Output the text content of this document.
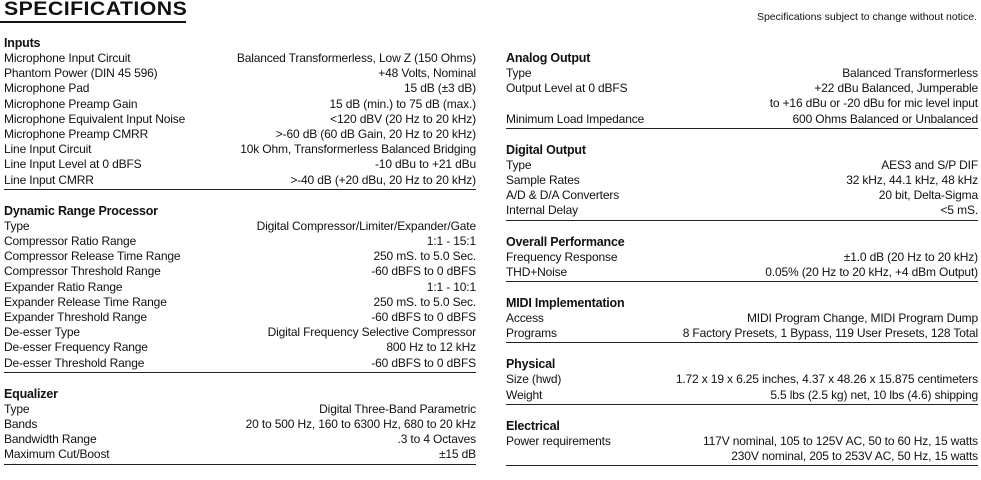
SPECIFICATIONS	Specifications subject to change without notice.
Inputs
Microphone Input Circuit	Balanced Transformerless, Low Z (150 Ohms)
Phantom Power (DIN 45 596)	+48 Volts, Nominal
Microphone Pad	15 dB (±3 dB)
Microphone Preamp Gain	15 dB (min.) to 75 dB (max.)
Microphone Equivalent Input Noise	<120 dBV (20 Hz to 20 kHz)
Microphone Preamp CMRR	>-60 dB (60 dB Gain, 20 Hz to 20 kHz)
Line Input Circuit	10k Ohm, Transformerless Balanced Bridging
Line Input Level at 0 dBFS	-10 dBu to +21 dBu
Line Input CMRR	>-40 dB (+20 dBu, 20 Hz to 20 kHz)
Dynamic Range Processor
Type	Digital Compressor/Limiter/Expander/Gate
Compressor Ratio Range	1:1 - 15:1
Compressor Release Time Range	250 mS. to 5.0 Sec.
Compressor Threshold Range	-60 dBFS to 0 dBFS
Expander Ratio Range	1:1 - 10:1
Expander Release Time Range	250 mS. to 5.0 Sec.
Expander Threshold Range	-60 dBFS to 0 dBFS
De-esser Type	Digital Frequency Selective Compressor
De-esser Frequency Range	800 Hz to 12 kHz
De-esser Threshold Range	-60 dBFS to 0 dBFS
Equalizer
Type	Digital Three-Band Parametric
Bands	20 to 500 Hz, 160 to 6300 Hz, 680 to 20 kHz
Bandwidth Range	.3 to 4 Octaves
Maximum Cut/Boost	±15 dB
Analog Output
Type	Balanced Transformerless
Output Level at 0 dBFS	+22 dBu Balanced, Jumperable
to +16 dBu or -20 dBu for mic level input
Minimum Load Impedance	600 Ohms Balanced or Unbalanced
Digital Output
Type	AES3 and S/P DIF
Sample Rates	32 kHz, 44.1 kHz, 48 kHz
A/D & D/A Converters	20 bit, Delta-Sigma
Internal Delay	<5 mS.
Overall Performance
Frequency Response	±1.0 dB (20 Hz to 20 kHz)
THD+Noise	0.05% (20 Hz to 20 kHz, +4 dBm Output)
MIDI Implementation
Access	MIDI Program Change, MIDI Program Dump
Programs	8 Factory Presets, 1 Bypass, 119 User Presets, 128 Total
Physical
Size (hwd)	1.72 x 19 x 6.25 inches, 4.37 x 48.26 x 15.875 centimeters
Weight	5.5 lbs (2.5 kg) net, 10 lbs (4.6) shipping
Electrical
Power requirements	117V nominal, 105 to 125V AC, 50 to 60 Hz, 15 watts
230V nominal, 205 to 253V AC, 50 Hz, 15 watts
